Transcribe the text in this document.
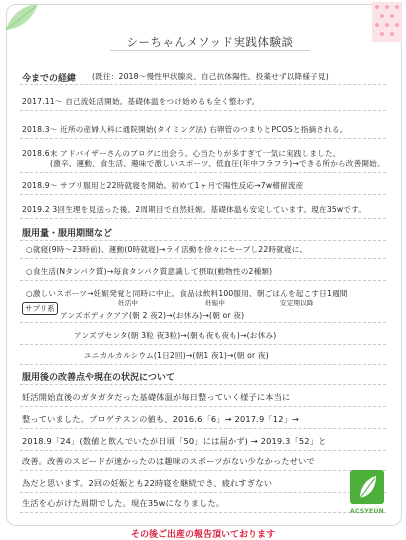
シーちゃんメソッド実践体験談
今までの経緯 (既往：2018～慢性甲状腺炎、自己抗体陽性。投薬せず以降様子見)
2017.11～ 自己流妊活開始。基礎体温をつけ始めるも全く整わず。
2018.3～ 近所の産婦人科に通院開始(タイミング法) 右卵管のつまりとPCOSと指摘される。
2018.6末 アドバイザーさんのブログに出会う。心当たりが多すぎて一気に実践しました。
(激辛、運動、食生活、趣味で激しいスポーツ、低血圧(年中フラフラ)→できる所から改善開始。
2018.9～ サプリ服用と22時就寝を開始。初めて1ヶ月で陽性反応→7w稽留流産
2019.2 3回生理を見送った後、2周期目で自然妊娠。基礎体温も安定しています。現在35wです。
服用量・服用期間など
○就寝(9時～23時前)、運動(0時就寝)→ライ活動を徐々にセーブし22時就寝に。
○食生活(Nタンパク質)→毎食タンパク質意識して摂取(動物性の2種類)
○激しいスポーツ→妊娠発覚と同時に中止。食品は飲料100服用、朝ごはんを起こす日1週間
妊活中	妊娠中	安定期以降
サプリ系
アンズボディクアア(朝 2 夜2)→(お休み)→(朝 or 夜)
アンズプセンタ(朝 3粒 夜3粒)→(朝も夜も夜も)→(お休み)
ユニカルカルシウム(1日2回)→(朝1 夜1)→(朝 or 夜)
服用後の改善点や現在の状況について
妊活開始直後のガタガタだった基礎体温が毎日整っていく様子に本当に
整っていました。プロゲテスンの値も、2016.6「6」→ 2017.9「12」→
2018.9「24」(数値と飲んでいたが日頃「50」には届かず) → 2019.3「52」と
改善。改善のスピードが速かったのは趣味のスポーツがない少なかったせいで
為だと思います。2回の妊娠とも22時寝を継続でき、疲れすぎない
生活を心がけた周期でした。現在35wになりました。
ACSYEUN
その後ご出産の報告頂いております
